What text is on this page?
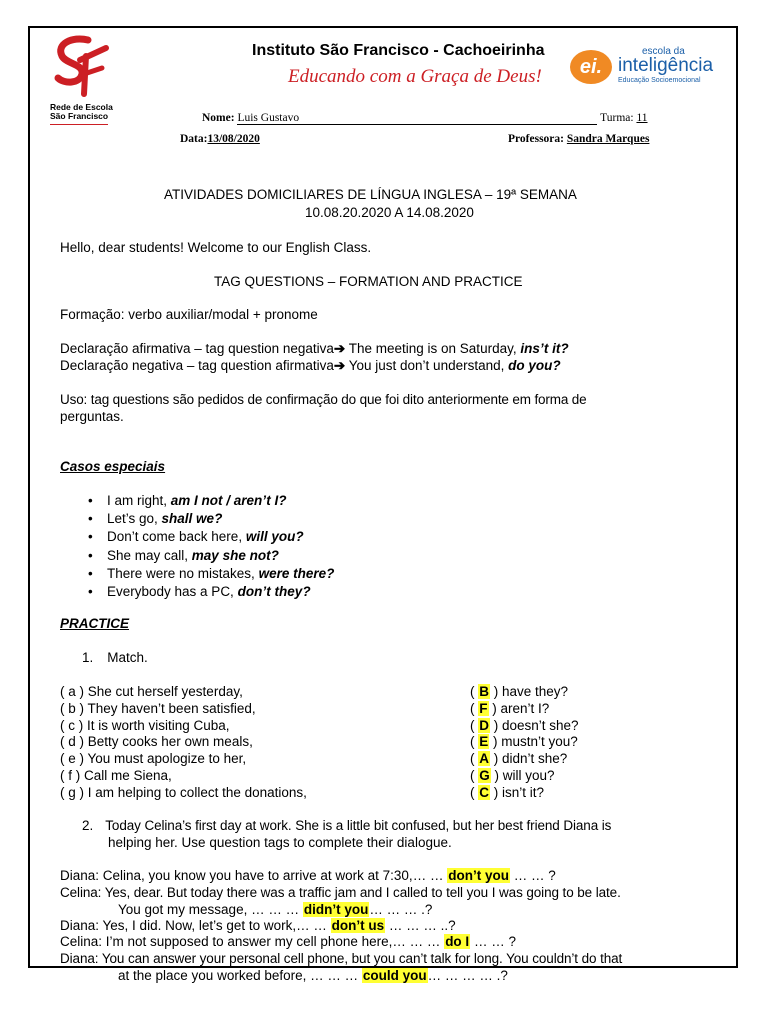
Rede de Escola
São Francisco
ei.
escola da
inteligência
Educação Socioemocional
Instituto São Francisco - Cachoeirinha
Educando com a Graça de Deus!
Nome: Luis Gustavo	Turma: 11
Data:13/08/2020	Professora: Sandra Marques
ATIVIDADES DOMICILIARES DE LÍNGUA INGLESA – 19ª SEMANA
10.08.20.2020 A 14.08.2020
Hello, dear students! Welcome to our English Class.
TAG QUESTIONS – FORMATION AND PRACTICE
Formação: verbo auxiliar/modal + pronome
Declaração afirmativa – tag question negativa➔ The meeting is on Saturday, ins’t it?
Declaração negativa – tag question afirmativa➔ You just don’t understand, do you?
Uso: tag questions são pedidos de confirmação do que foi dito anteriormente em forma de
perguntas.
Casos especiais
• I am right, am I not / aren’t I?
• Let’s go, shall we?
• Don’t come back here, will you?
• She may call, may she not?
• There were no mistakes, were there?
• Everybody has a PC, don’t they?
PRACTICE
1. Match.
( a ) She cut herself yesterday,
( b ) They haven’t been satisfied,
( c ) It is worth visiting Cuba,
( d ) Betty cooks her own meals,
( e ) You must apologize to her,
( f ) Call me Siena,
( g ) I am helping to collect the donations,
( B ) have they?
( F ) aren’t I?
( D ) doesn’t she?
( E ) mustn’t you?
( A ) didn’t she?
( G ) will you?
( C ) isn’t it?
2. Today Celina’s first day at work. She is a little bit confused, but her best friend Diana is
helping her. Use question tags to complete their dialogue.
Diana: Celina, you know you have to arrive at work at 7:30,… … don’t you … … ?
Celina: Yes, dear. But today there was a traffic jam and I called to tell you I was going to be late.
You got my message, … … … didn’t you… … … .?
Diana: Yes, I did. Now, let’s get to work,… … don’t us … … … ..?
Celina: I’m not supposed to answer my cell phone here,… … … do I … … ?
Diana: You can answer your personal cell phone, but you can’t talk for long. You couldn’t do that
at the place you worked before, … … … could you… … … … .?
